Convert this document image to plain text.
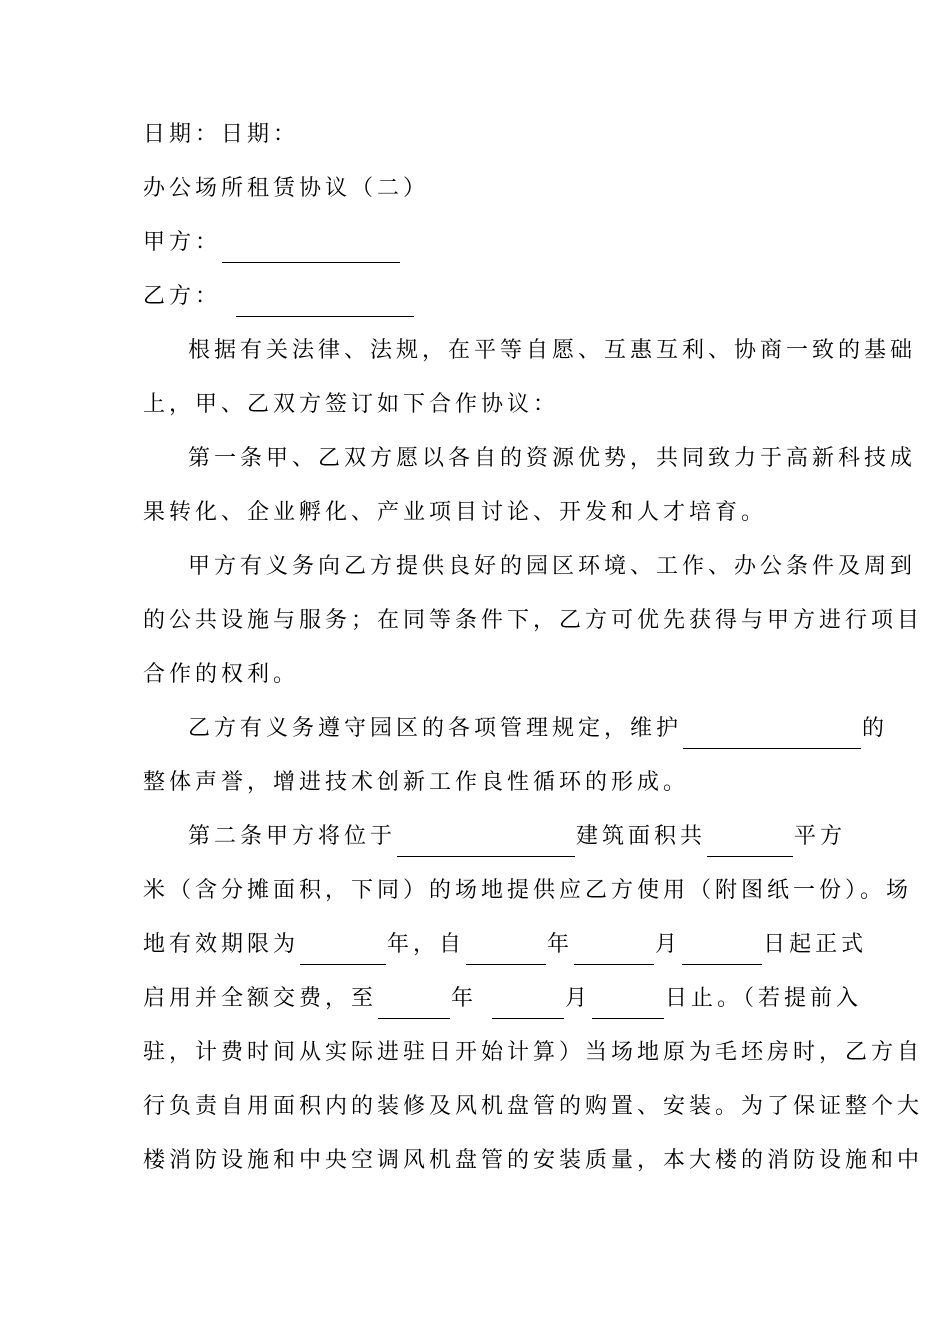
日期：日期：
办公场所租赁协议（二）
甲方：
乙方：
根据有关法律、法规，在平等自愿、互惠互利、协商一致的基础
上，甲、乙双方签订如下合作协议：
第一条甲、乙双方愿以各自的资源优势，共同致力于高新科技成
果转化、企业孵化、产业项目讨论、开发和人才培育。
甲方有义务向乙方提供良好的园区环境、工作、办公条件及周到
的公共设施与服务；在同等条件下，乙方可优先获得与甲方进行项目
合作的权利。
乙方有义务遵守园区的各项管理规定，维护	的
整体声誉，增进技术创新工作良性循环的形成。
第二条甲方将位于	建筑面积共	平方
米（含分摊面积，下同）的场地提供应乙方使用（附图纸一份）。场
地有效期限为	年，自	年	月	日起正式
启用并全额交费，至	年	月	日止。（若提前入
驻，计费时间从实际进驻日开始计算）当场地原为毛坯房时，乙方自
行负责自用面积内的装修及风机盘管的购置、安装。为了保证整个大
楼消防设施和中央空调风机盘管的安装质量，本大楼的消防设施和中
